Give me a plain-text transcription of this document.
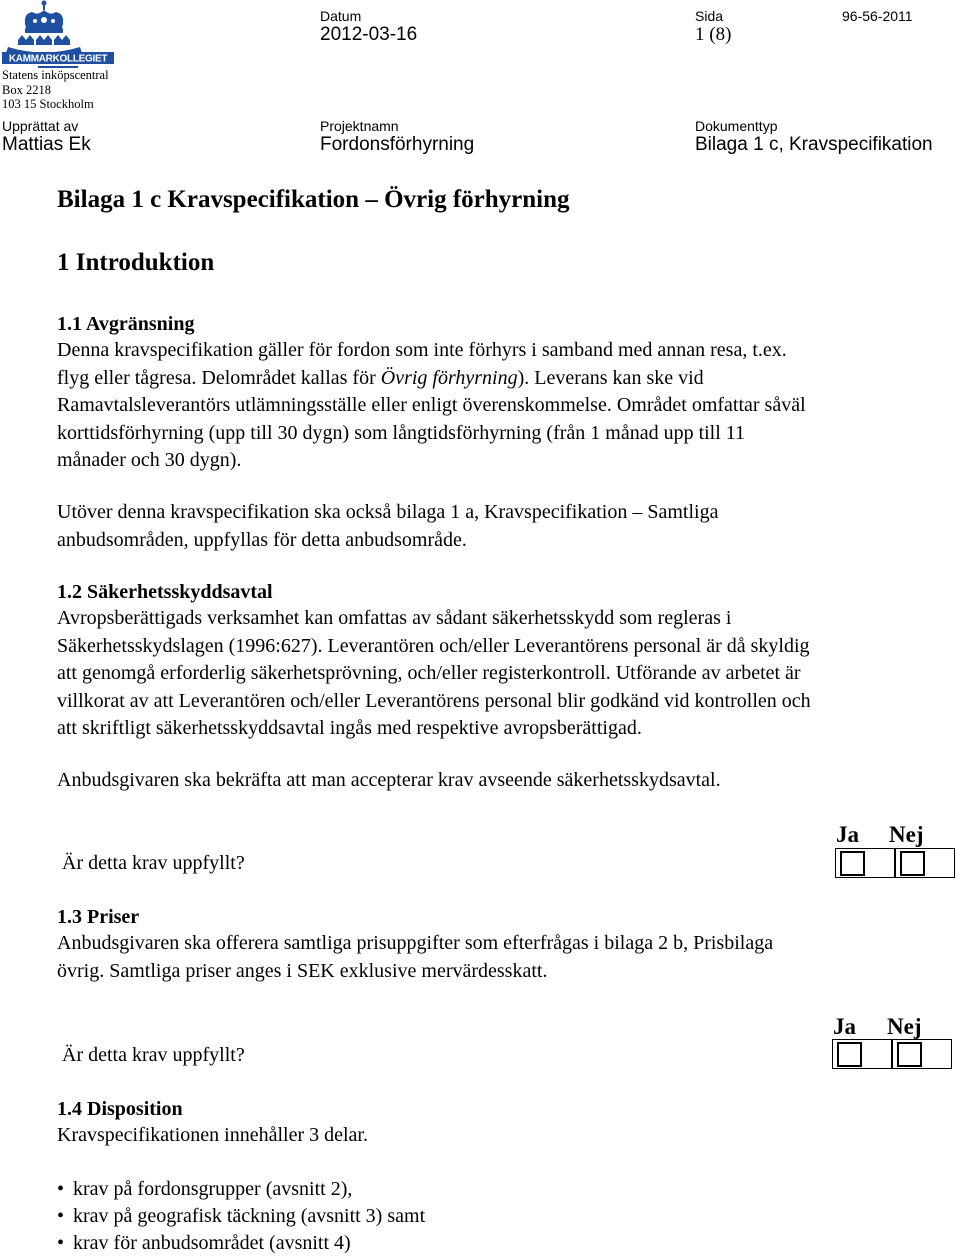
KAMMARKOLLEGIET
Statens inköpscentral
Box 2218
103 15 Stockholm
Datum
2012-03-16
Sida
1 (8)
96-56-2011
Upprättat av
Mattias Ek
Projektnamn
Fordonsförhyrning
Dokumenttyp
Bilaga 1 c, Kravspecifikation
Bilaga 1 c Kravspecifikation – Övrig förhyrning
1 Introduktion
1.1 Avgränsning

Denna kravspecifikation gäller för fordon som inte förhyrs i samband med annan resa, t.ex.

flyg eller tågresa. Delområdet kallas för Övrig förhyrning). Leverans kan ske vid

Ramavtalsleverantörs utlämningsställe eller enligt överenskommelse. Området omfattar såväl

korttidsförhyrning (upp till 30 dygn) som långtidsförhyrning (från 1 månad upp till 11

månader och 30 dygn).

Utöver denna kravspecifikation ska också bilaga 1 a, Kravspecifikation – Samtliga

anbudsområden, uppfyllas för detta anbudsområde.

1.2 Säkerhetsskyddsavtal

Avropsberättigads verksamhet kan omfattas av sådant säkerhetsskydd som regleras i

Säkerhetsskydslagen (1996:627). Leverantören och/eller Leverantörens personal är då skyldig

att genomgå erforderlig säkerhetsprövning, och/eller registerkontroll. Utförande av arbetet är

villkorat av att Leverantören och/eller Leverantörens personal blir godkänd vid kontrollen och

att skriftligt säkerhetsskyddsavtal ingås med respektive avropsberättigad.

Anbudsgivaren ska bekräfta att man accepterar krav avseende säkerhetsskydsavtal.

Ja Nej
Är detta krav uppfyllt?
1.3 Priser

Anbudsgivaren ska offerera samtliga prisuppgifter som efterfrågas i bilaga 2 b, Prisbilaga

övrig. Samtliga priser anges i SEK exklusive mervärdesskatt.

Ja Nej
Är detta krav uppfyllt?
1.4 Disposition

Kravspecifikationen innehåller 3 delar.

• krav på fordonsgrupper (avsnitt 2),
• krav på geografisk täckning (avsnitt 3) samt
• krav för anbudsområdet (avsnitt 4)
